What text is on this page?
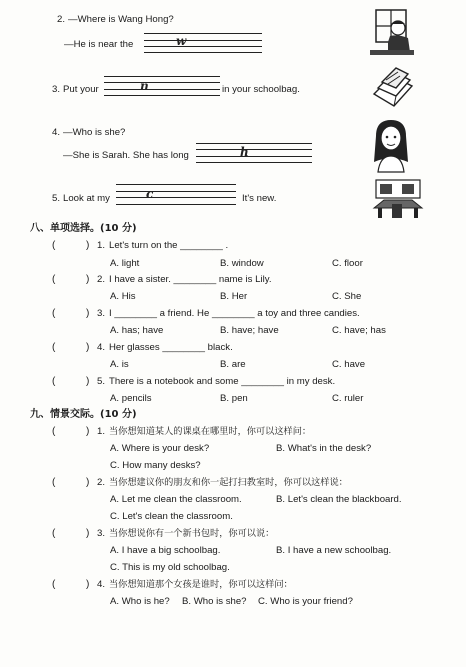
2. —Where is Wang Hong?
—He is near the	w
3. Put your	n	in your schoolbag.
4. —Who is she?
—She is Sarah. She has long	h
5. Look at my	c	It's new.
八、单项选择。(10 分)
(	) 1. Let's turn on the ________ .
A. light	B. window	C. floor
(	) 2. I have a sister. ________ name is Lily.
A. His	B. Her	C. She
(	) 3. I ________ a friend. He ________ a toy and three candies.
A. has; have	B. have; have	C. have; has
(	) 4. Her glasses ________ black.
A. is	B. are	C. have
(	) 5. There is a notebook and some ________ in my desk.
A. pencils	B. pen	C. ruler
九、情景交际。(10 分)
(	) 1. 当你想知道某人的课桌在哪里时，你可以这样问：
A. Where is your desk?	B. What's in the desk?
C. How many desks?
(	) 2. 当你想建议你的朋友和你一起打扫教室时，你可以这样说：
A. Let me clean the classroom.	B. Let's clean the blackboard.
C. Let's clean the classroom.
(	) 3. 当你想说你有一个新书包时，你可以说：
A. I have a big schoolbag.	B. I have a new schoolbag.
C. This is my old schoolbag.
(	) 4. 当你想知道那个女孩是谁时，你可以这样问：
A. Who is he? B. Who is she? C. Who is your friend?
